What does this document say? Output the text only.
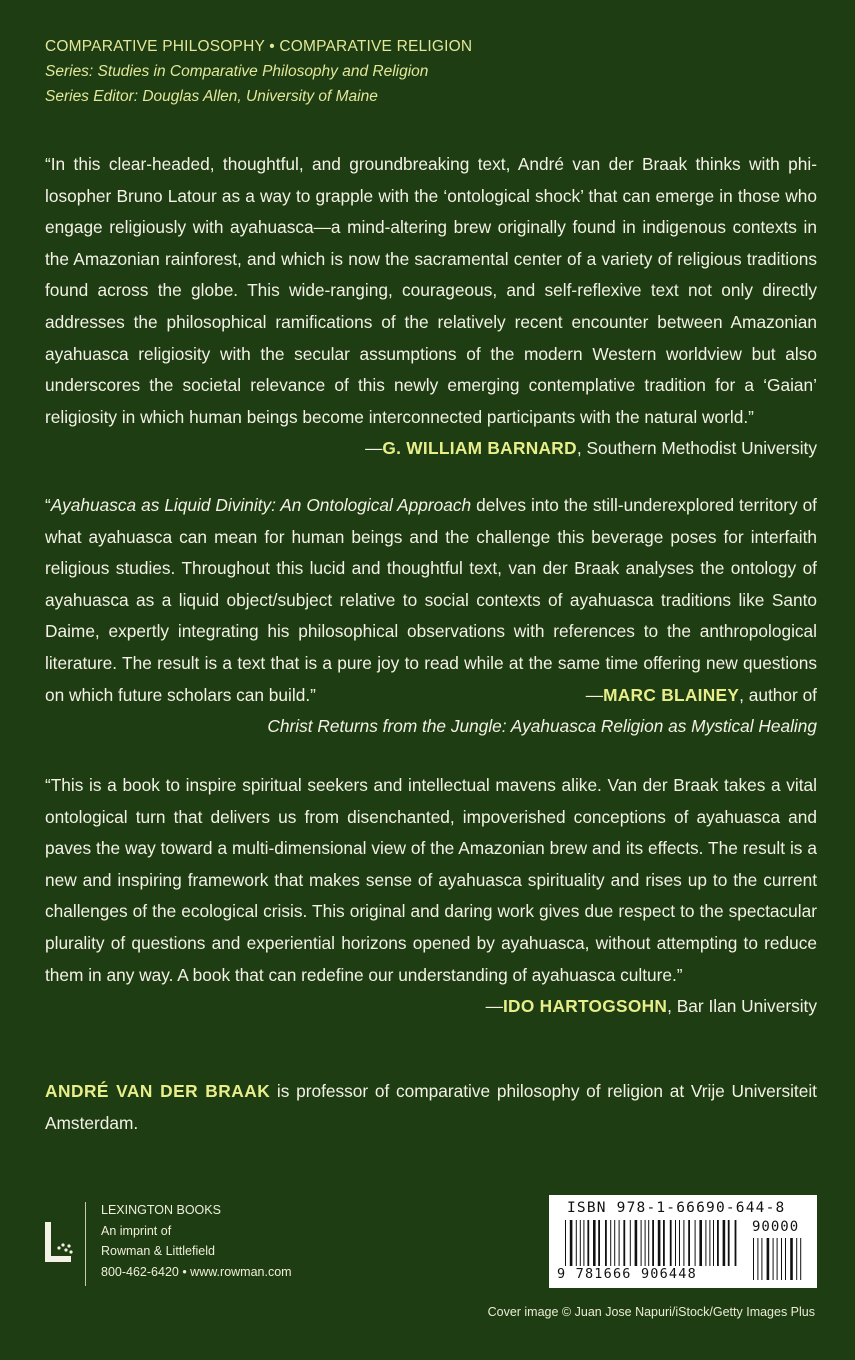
COMPARATIVE PHILOSOPHY • COMPARATIVE RELIGION
Series: Studies in Comparative Philosophy and Religion
Series Editor: Douglas Allen, University of Maine

“In this clear-headed, thoughtful, and groundbreaking text, André van der Braak thinks with philosopher Bruno Latour as a way to grapple with the ‘ontological shock’ that can emerge in those who engage religiously with ayahuasca—a mind-altering brew originally found in indigenous contexts in the Amazonian rainforest, and which is now the sacramental center of a variety of religious traditions found across the globe. This wide-ranging, courageous, and self-reflexive text not only directly addresses the philosophical ramifications of the relatively recent encounter between Amazonian ayahuasca religiosity with the secular assumptions of the modern Western worldview but also underscores the societal relevance of this newly emerging contemplative tradition for a ‘Gaian’ religiosity in which human beings become interconnected participants with the natural world.”
—G. WILLIAM BARNARD, Southern Methodist University

“Ayahuasca as Liquid Divinity: An Ontological Approach delves into the still-underexplored territory of what ayahuasca can mean for human beings and the challenge this beverage poses for interfaith religious studies. Throughout this lucid and thoughtful text, van der Braak analyses the ontology of ayahuasca as a liquid object/subject relative to social contexts of ayahuasca traditions like Santo Daime, expertly integrating his philosophical observations with references to the anthropological literature. The result is a text that is a pure joy to read while at the same time offering new questions on which future scholars can build.”	—MARC BLAINEY, author of

Christ Returns from the Jungle: Ayahuasca Religion as Mystical Healing

“This is a book to inspire spiritual seekers and intellectual mavens alike. Van der Braak takes a vital ontological turn that delivers us from disenchanted, impoverished conceptions of ayahuasca and paves the way toward a multi-dimensional view of the Amazonian brew and its effects. The result is a new and inspiring framework that makes sense of ayahuasca spirituality and rises up to the current challenges of the ecological crisis. This original and daring work gives due respect to the spectacular plurality of questions and experiential horizons opened by ayahuasca, without attempting to reduce them in any way. A book that can redefine our understanding of ayahuasca culture.”
—IDO HARTOGSOHN, Bar Ilan University

ANDRÉ VAN DER BRAAK is professor of comparative philosophy of religion at Vrije Universiteit Amsterdam.
LEXINGTON BOOKS
An imprint of
Rowman & Littlefield
800-462-6420 • www.rowman.com
ISBN 978-1-66690-644-8
90000
9 781666 906448
Cover image © Juan Jose Napuri/iStock/Getty Images Plus
